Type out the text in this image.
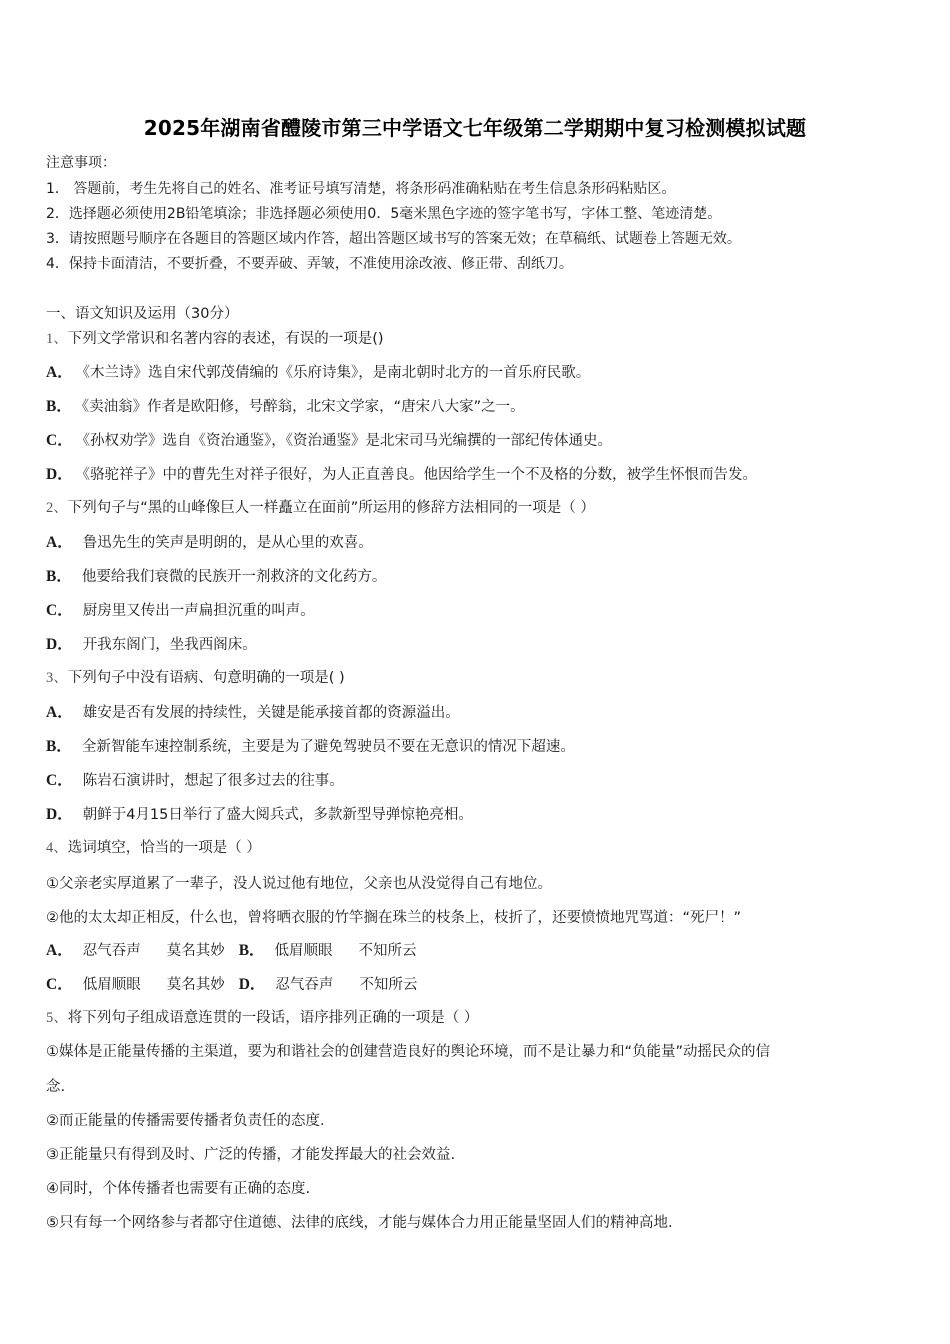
2025年湖南省醴陵市第三中学语文七年级第二学期期中复习检测模拟试题
注意事项：
1． 答题前，考生先将自己的姓名、准考证号填写清楚，将条形码准确粘贴在考生信息条形码粘贴区。
2．选择题必须使用2B铅笔填涂；非选择题必须使用0．5毫米黑色字迹的签字笔书写，字体工整、笔迹清楚。
3．请按照题号顺序在各题目的答题区域内作答，超出答题区域书写的答案无效；在草稿纸、试题卷上答题无效。
4．保持卡面清洁，不要折叠，不要弄破、弄皱，不准使用涂改液、修正带、刮纸刀。
一、语文知识及运用（30分）
1、下列文学常识和名著内容的表述，有误的一项是()
A． 《木兰诗》选自宋代郭茂倩编的《乐府诗集》，是南北朝时北方的一首乐府民歌。
B． 《卖油翁》作者是欧阳修，号醉翁，北宋文学家，“唐宋八大家”之一。
C． 《孙权劝学》选自《资治通鉴》，《资治通鉴》是北宋司马光编撰的一部纪传体通史。
D． 《骆驼祥子》中的曹先生对祥子很好，为人正直善良。他因给学生一个不及格的分数，被学生怀恨而告发。
2、下列句子与“黑的山峰像巨人一样矗立在面前”所运用的修辞方法相同的一项是（ ）
A． 鲁迅先生的笑声是明朗的，是从心里的欢喜。
B． 他要给我们衰微的民族开一剂救济的文化药方。
C． 厨房里又传出一声扁担沉重的叫声。
D． 开我东阁门，坐我西阁床。
3、下列句子中没有语病、句意明确的一项是( )
A． 雄安是否有发展的持续性，关键是能承接首都的资源溢出。
B． 全新智能车速控制系统，主要是为了避免驾驶员不要在无意识的情况下超速。
C． 陈岩石演讲时，想起了很多过去的往事。
D． 朝鲜于4月15日举行了盛大阅兵式，多款新型导弹惊艳亮相。
4、选词填空，恰当的一项是（ ）
①父亲老实厚道累了一辈子，没人说过他有地位，父亲也从没觉得自己有地位。
②他的太太却正相反，什么也，曾将晒衣服的竹竿搁在珠兰的枝条上，枝折了，还要愤愤地咒骂道：“死尸！”
A． 忍气吞声 莫名其妙 B． 低眉顺眼 不知所云
C． 低眉顺眼 莫名其妙 D． 忍气吞声 不知所云
5、将下列句子组成语意连贯的一段话，语序排列正确的一项是（ ）
①媒体是正能量传播的主渠道，要为和谐社会的创建营造良好的舆论环境，而不是让暴力和“负能量”动摇民众的信
念.
②而正能量的传播需要传播者负责任的态度.
③正能量只有得到及时、广泛的传播，才能发挥最大的社会效益.
④同时，个体传播者也需要有正确的态度.
⑤只有每一个网络参与者都守住道德、法律的底线，才能与媒体合力用正能量坚固人们的精神高地.
